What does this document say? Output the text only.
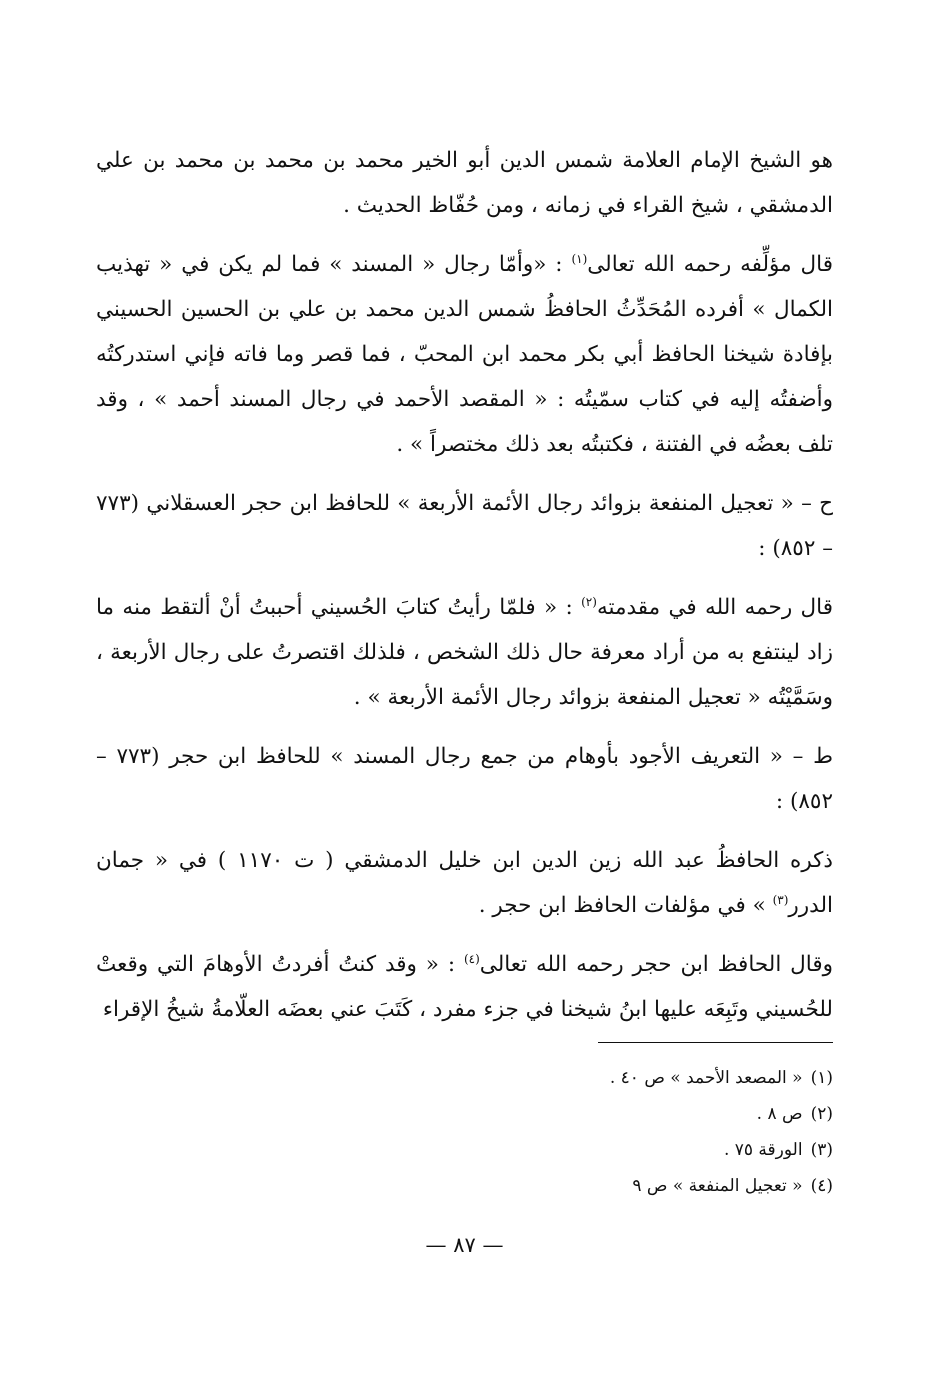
هو الشيخ الإمام العلامة شمس الدين أبو الخير محمد بن محمد بن محمد بن علي الدمشقي ، شيخ القراء في زمانه ، ومن حُفّاظ الحديث .

قال مؤلِّفه رحمه الله تعالى$^{(١)}$ : «وأمّا رجال « المسند » فما لم يكن في « تهذيب الكمال » أفرده المُحَدِّثُ الحافظُ شمس الدين محمد بن علي بن الحسين الحسيني بإفادة شيخنا الحافظ أبي بكر محمد ابن المحبّ ، فما قصر وما فاته فإني استدركتُه وأضفتُه إليه في كتاب سمّيتُه : « المقصد الأحمد في رجال المسند أحمد » ، وقد تلف بعضُه في الفتنة ، فكتبتُه بعد ذلك مختصراً » .

ح – « تعجيل المنفعة بزوائد رجال الأئمة الأربعة » للحافظ ابن حجر العسقلاني (٧٧٣ – ٨٥٢) :

قال رحمه الله في مقدمته$^{(٢)}$ : « فلمّا رأيتُ كتابَ الحُسيني أحببتُ أنْ ألتقط منه ما زاد لينتفع به من أراد معرفة حال ذلك الشخص ، فلذلك اقتصرتُ على رجال الأربعة ، وسَمَّيْتُه « تعجيل المنفعة بزوائد رجال الأئمة الأربعة » .

ط – « التعريف الأجود بأوهام من جمع رجال المسند » للحافظ ابن حجر (٧٧٣ – ٨٥٢) :

ذكره الحافظُ عبد الله زين الدين ابن خليل الدمشقي ( ت ١١٧٠ ) في « جمان الدرر$^{(٣)}$ » في مؤلفات الحافظ ابن حجر .

وقال الحافظ ابن حجر رحمه الله تعالى$^{(٤)}$ : « وقد كنتُ أفردتُ الأوهامَ التي وقعتْ للحُسيني وتَبِعَه عليها ابنُ شيخنا في جزء مفرد ، كَتَبَ عني بعضَه العلّامةُ شيخُ الإقراء

(١)« المصعد الأحمد » ص ٤٠ .
(٢)ص ٨ .
(٣)الورقة ٧٥ .
(٤)« تعجيل المنفعة » ص ٩
— ٨٧ —
